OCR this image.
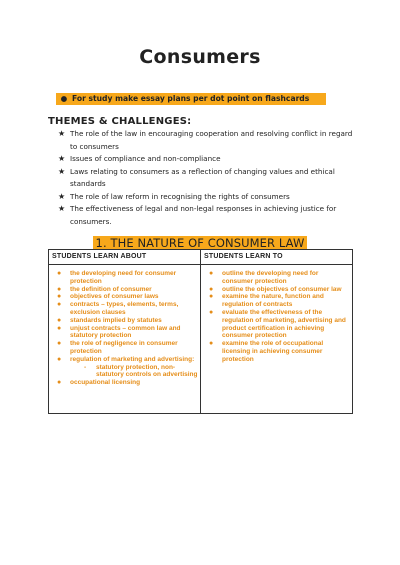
Consumers
● For study make essay plans per dot point on flashcards
THEMES & CHALLENGES:
★ The role of the law in encouraging cooperation and resolving conflict in regard to consumers
★ Issues of compliance and non-compliance
★ Laws relating to consumers as a reflection of changing values and ethical standards
★ The role of law reform in recognising the rights of consumers
★ The effectiveness of legal and non-legal responses in achieving justice for consumers.
1. THE NATURE OF CONSUMER LAW
STUDENTS LEARN ABOUT
● the developing need for consumer protection
● the definition of consumer
● objectives of consumer laws
● contracts – types, elements, terms, exclusion clauses
● standards implied by statutes
● unjust contracts – common law and statutory protection
● the role of negligence in consumer protection
● regulation of marketing and advertising:
- statutory protection, non-statutory controls on advertising
● occupational licensing
STUDENTS LEARN TO
● outline the developing need for consumer protection
● outline the objectives of consumer law
● examine the nature, function and regulation of contracts
● evaluate the effectiveness of the regulation of marketing, advertising and product certification in achieving consumer protection
● examine the role of occupational licensing in achieving consumer protection
